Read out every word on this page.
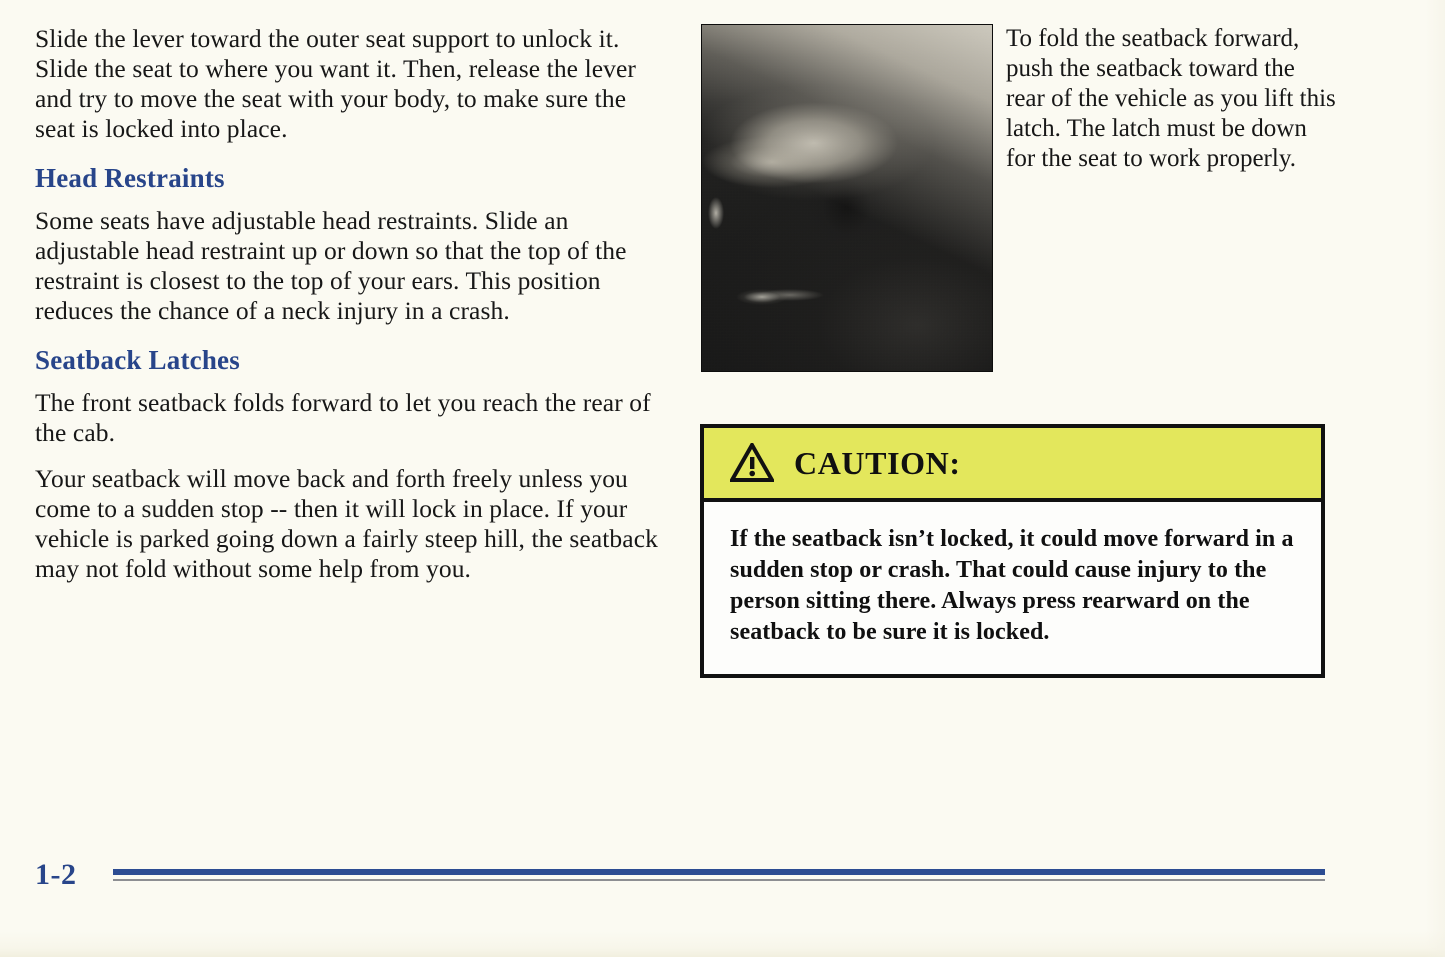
Slide the lever toward the outer seat support to unlock it. Slide the seat to where you want it. Then, release the lever and try to move the seat with your body, to make sure the seat is locked into place.

Head Restraints

Some seats have adjustable head restraints. Slide an adjustable head restraint up or down so that the top of the restraint is closest to the top of your ears. This position reduces the chance of a neck injury in a crash.

Seatback Latches

The front seatback folds forward to let you reach the rear of the cab.

Your seatback will move back and forth freely unless you come to a sudden stop -- then it will lock in place. If your vehicle is parked going down a fairly steep hill, the seatback may not fold without some help from you.

To fold the seatback forward, push the seatback toward the rear of the vehicle as you lift this latch. The latch must be down for the seat to work properly.

CAUTION:

If the seatback isn’t locked, it could move forward in a sudden stop or crash. That could cause injury to the person sitting there. Always press rearward on the seatback to be sure it is locked.

1-2
